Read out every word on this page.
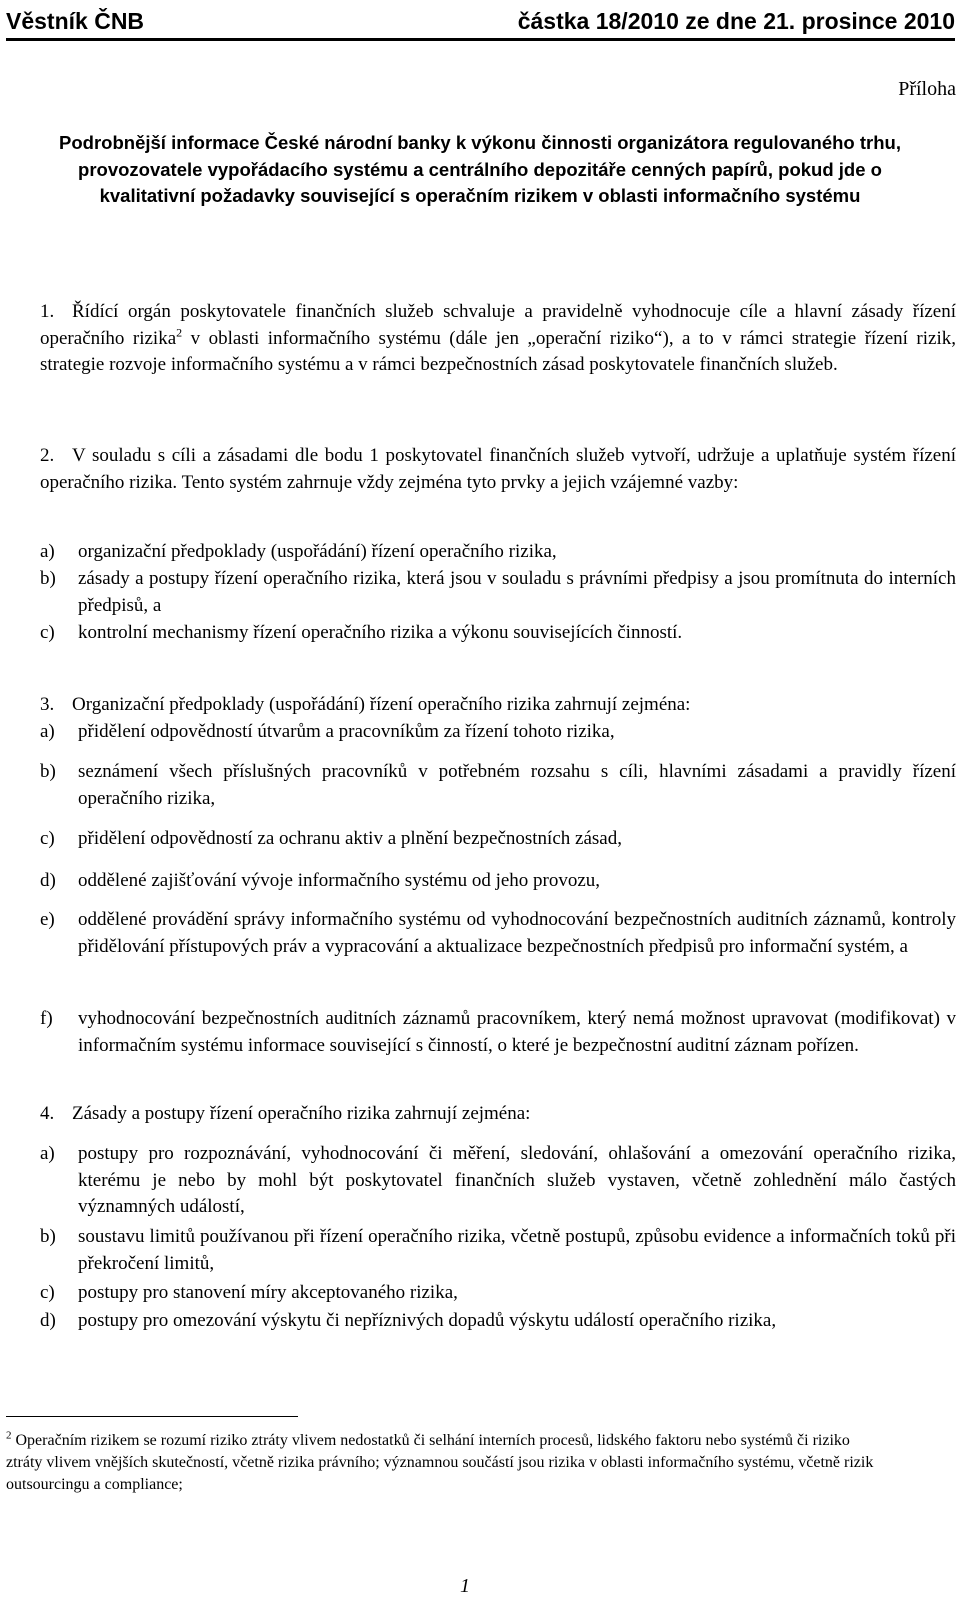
Věstník ČNB	částka 18/2010 ze dne 21. prosince 2010
Příloha
Podrobnější informace České národní banky k výkonu činnosti organizátora regulovaného trhu, provozovatele vypořádacího systému a centrálního depozitáře cenných papírů, pokud jde o kvalitativní požadavky související s operačním rizikem v oblasti informačního systému
1. Řídící orgán poskytovatele finančních služeb schvaluje a pravidelně vyhodnocuje cíle a hlavní zásady řízení operačního rizika$^2$ v oblasti informačního systému (dále jen „operační riziko“), a to v rámci strategie řízení rizik, strategie rozvoje informačního systému a v rámci bezpečnostních zásad poskytovatele finančních služeb.
2. V souladu s cíli a zásadami dle bodu 1 poskytovatel finančních služeb vytvoří, udržuje a uplatňuje systém řízení operačního rizika. Tento systém zahrnuje vždy zejména tyto prvky a jejich vzájemné vazby:
a) organizační předpoklady (uspořádání) řízení operačního rizika,
b) zásady a postupy řízení operačního rizika, která jsou v souladu s právními předpisy a jsou promítnuta do interních předpisů, a
c) kontrolní mechanismy řízení operačního rizika a výkonu souvisejících činností.
3. Organizační předpoklady (uspořádání) řízení operačního rizika zahrnují zejména:
a) přidělení odpovědností útvarům a pracovníkům za řízení tohoto rizika,
b) seznámení všech příslušných pracovníků v potřebném rozsahu s cíli, hlavními zásadami a pravidly řízení operačního rizika,
c) přidělení odpovědností za ochranu aktiv a plnění bezpečnostních zásad,
d) oddělené zajišťování vývoje informačního systému od jeho provozu,
e) oddělené provádění správy informačního systému od vyhodnocování bezpečnostních auditních záznamů, kontroly přidělování přístupových práv a vypracování a aktualizace bezpečnostních předpisů pro informační systém, a
f) vyhodnocování bezpečnostních auditních záznamů pracovníkem, který nemá možnost upravovat (modifikovat) v informačním systému informace související s činností, o které je bezpečnostní auditní záznam pořízen.
4. Zásady a postupy řízení operačního rizika zahrnují zejména:
a) postupy pro rozpoznávání, vyhodnocování či měření, sledování, ohlašování a omezování operačního rizika, kterému je nebo by mohl být poskytovatel finančních služeb vystaven, včetně zohlednění málo častých významných událostí,
b) soustavu limitů používanou při řízení operačního rizika, včetně postupů, způsobu evidence a informačních toků při překročení limitů,
c) postupy pro stanovení míry akceptovaného rizika,
d) postupy pro omezování výskytu či nepříznivých dopadů výskytu událostí operačního rizika,
$^2$ Operačním rizikem se rozumí riziko ztráty vlivem nedostatků či selhání interních procesů, lidského faktoru nebo systémů či riziko ztráty vlivem vnějších skutečností, včetně rizika právního; významnou součástí jsou rizika v oblasti informačního systému, včetně rizik outsourcingu a compliance;
1
